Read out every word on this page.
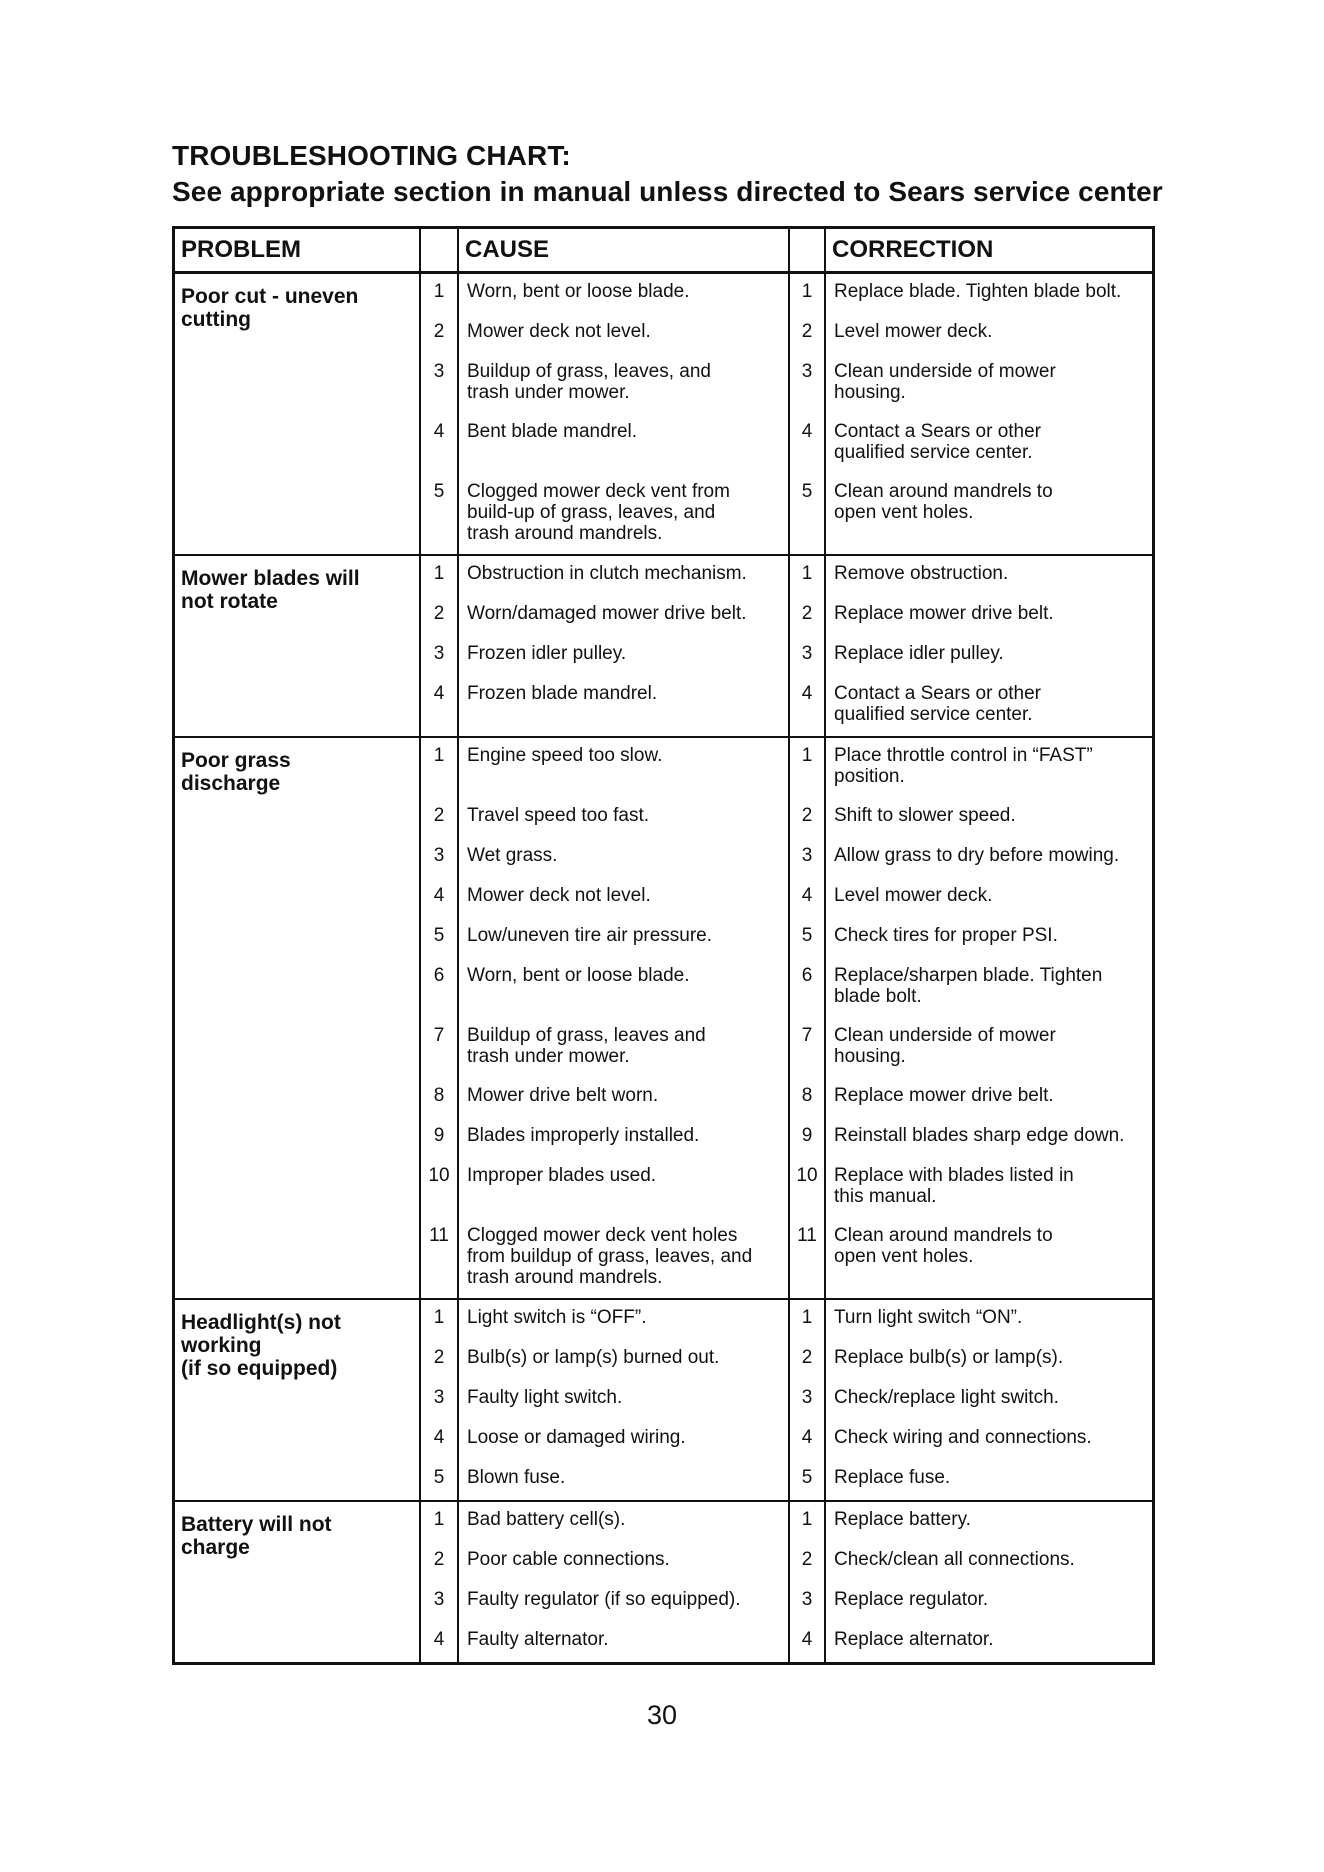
TROUBLESHOOTING CHART:
See appropriate section in manual unless directed to Sears service center
PROBLEM	CAUSE	CORRECTION
Poor cut - uneven
cutting
1
2
3
4
5
Worn, bent or loose blade.
Mower deck not level.
Buildup of grass, leaves, and
trash under mower.
Bent blade mandrel.
Clogged mower deck vent from
build-up of grass, leaves, and
trash around mandrels.
1
2
3
4
5
Replace blade. Tighten blade bolt.
Level mower deck.
Clean underside of mower
housing.
Contact a Sears or other
qualified service center.
Clean around mandrels to
open vent holes.
Mower blades will
not rotate
1
2
3
4
Obstruction in clutch mechanism.
Worn/damaged mower drive belt.
Frozen idler pulley.
Frozen blade mandrel.
1
2
3
4
Remove obstruction.
Replace mower drive belt.
Replace idler pulley.
Contact a Sears or other
qualified service center.
Poor grass
discharge
1
2
3
4
5
6
7
8
9
10
11
Engine speed too slow.
Travel speed too fast.
Wet grass.
Mower deck not level.
Low/uneven tire air pressure.
Worn, bent or loose blade.
Buildup of grass, leaves and
trash under mower.
Mower drive belt worn.
Blades improperly installed.
Improper blades used.
Clogged mower deck vent holes
from buildup of grass, leaves, and
trash around mandrels.
1
2
3
4
5
6
7
8
9
10
11
Place throttle control in “FAST”
position.
Shift to slower speed.
Allow grass to dry before mowing.
Level mower deck.
Check tires for proper PSI.
Replace/sharpen blade. Tighten
blade bolt.
Clean underside of mower
housing.
Replace mower drive belt.
Reinstall blades sharp edge down.
Replace with blades listed in
this manual.
Clean around mandrels to
open vent holes.
Headlight(s) not
working
(if so equipped)
1
2
3
4
5
Light switch is “OFF”.
Bulb(s) or lamp(s) burned out.
Faulty light switch.
Loose or damaged wiring.
Blown fuse.
1
2
3
4
5
Turn light switch “ON”.
Replace bulb(s) or lamp(s).
Check/replace light switch.
Check wiring and connections.
Replace fuse.
Battery will not
charge
1
2
3
4
Bad battery cell(s).
Poor cable connections.
Faulty regulator (if so equipped).
Faulty alternator.
1
2
3
4
Replace battery.
Check/clean all connections.
Replace regulator.
Replace alternator.
30
